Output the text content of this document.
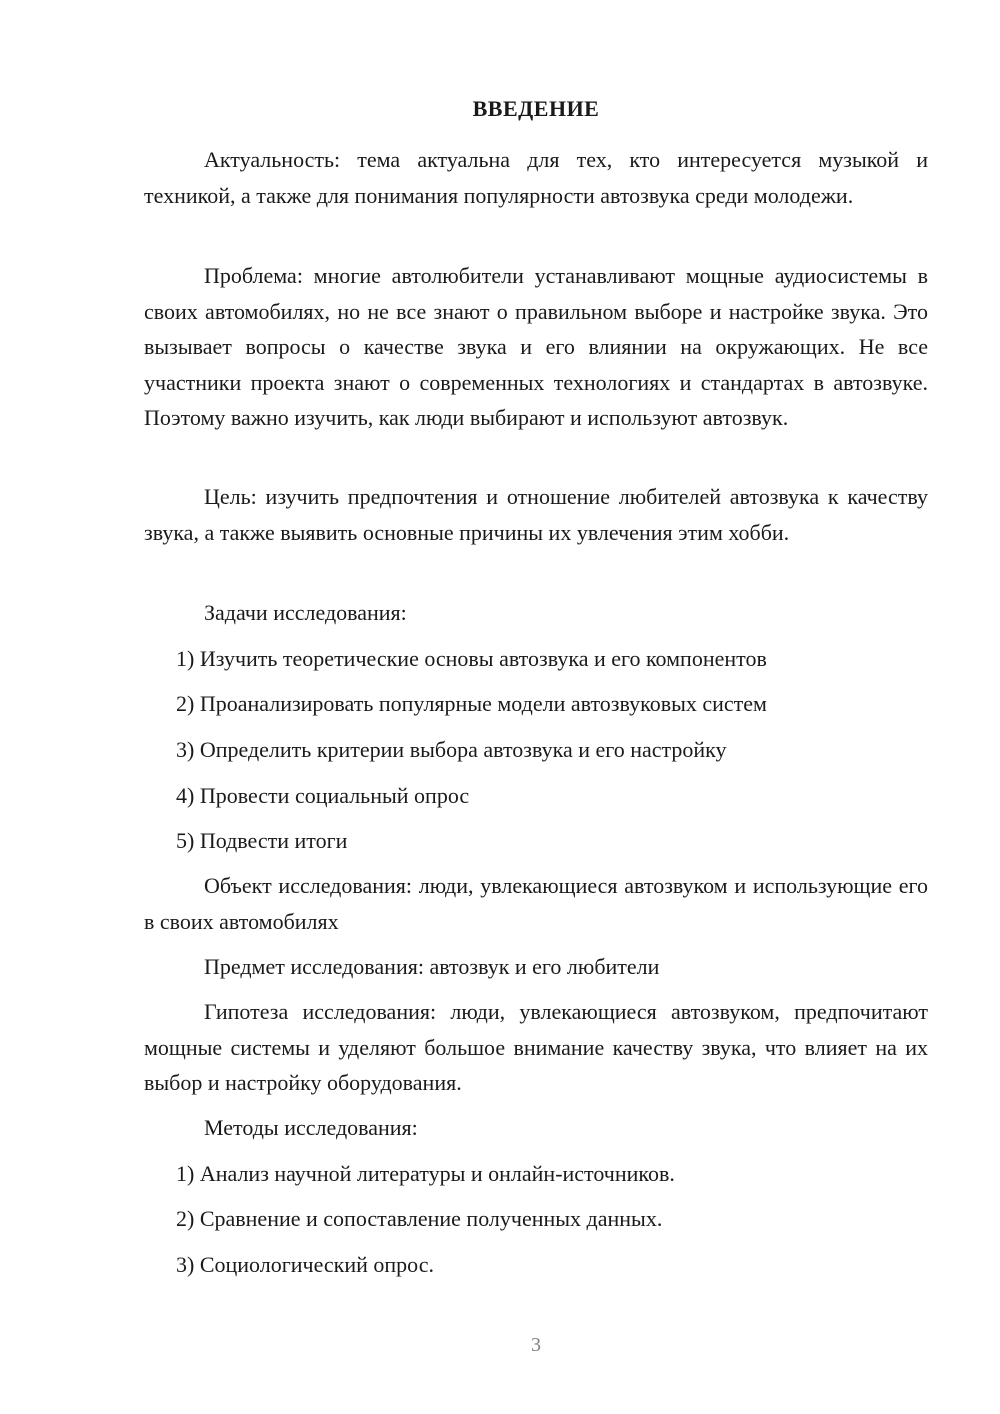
ВВЕДЕНИЕ
Актуальность: тема актуальна для тех, кто интересуется музыкой и техникой, а также для понимания популярности автозвука среди молодежи.
Проблема: многие автолюбители устанавливают мощные аудиосистемы в своих автомобилях, но не все знают о правильном выборе и настройке звука. Это вызывает вопросы о качестве звука и его влиянии на окружающих. Не все участники проекта знают о современных технологиях и стандартах в автозвуке. Поэтому важно изучить, как люди выбирают и используют автозвук.
Цель: изучить предпочтения и отношение любителей автозвука к качеству звука, а также выявить основные причины их увлечения этим хобби.
Задачи исследования:
1) Изучить теоретические основы автозвука и его компонентов
2) Проанализировать популярные модели автозвуковых систем
3) Определить критерии выбора автозвука и его настройку
4) Провести социальный опрос
5) Подвести итоги
Объект исследования: люди, увлекающиеся автозвуком и использующие его в своих автомобилях
Предмет исследования: автозвук и его любители
Гипотеза исследования: люди, увлекающиеся автозвуком, предпочитают мощные системы и уделяют большое внимание качеству звука, что влияет на их выбор и настройку оборудования.
Методы исследования:
1) Анализ научной литературы и онлайн-источников.
2) Сравнение и сопоставление полученных данных.
3) Социологический опрос.
3
